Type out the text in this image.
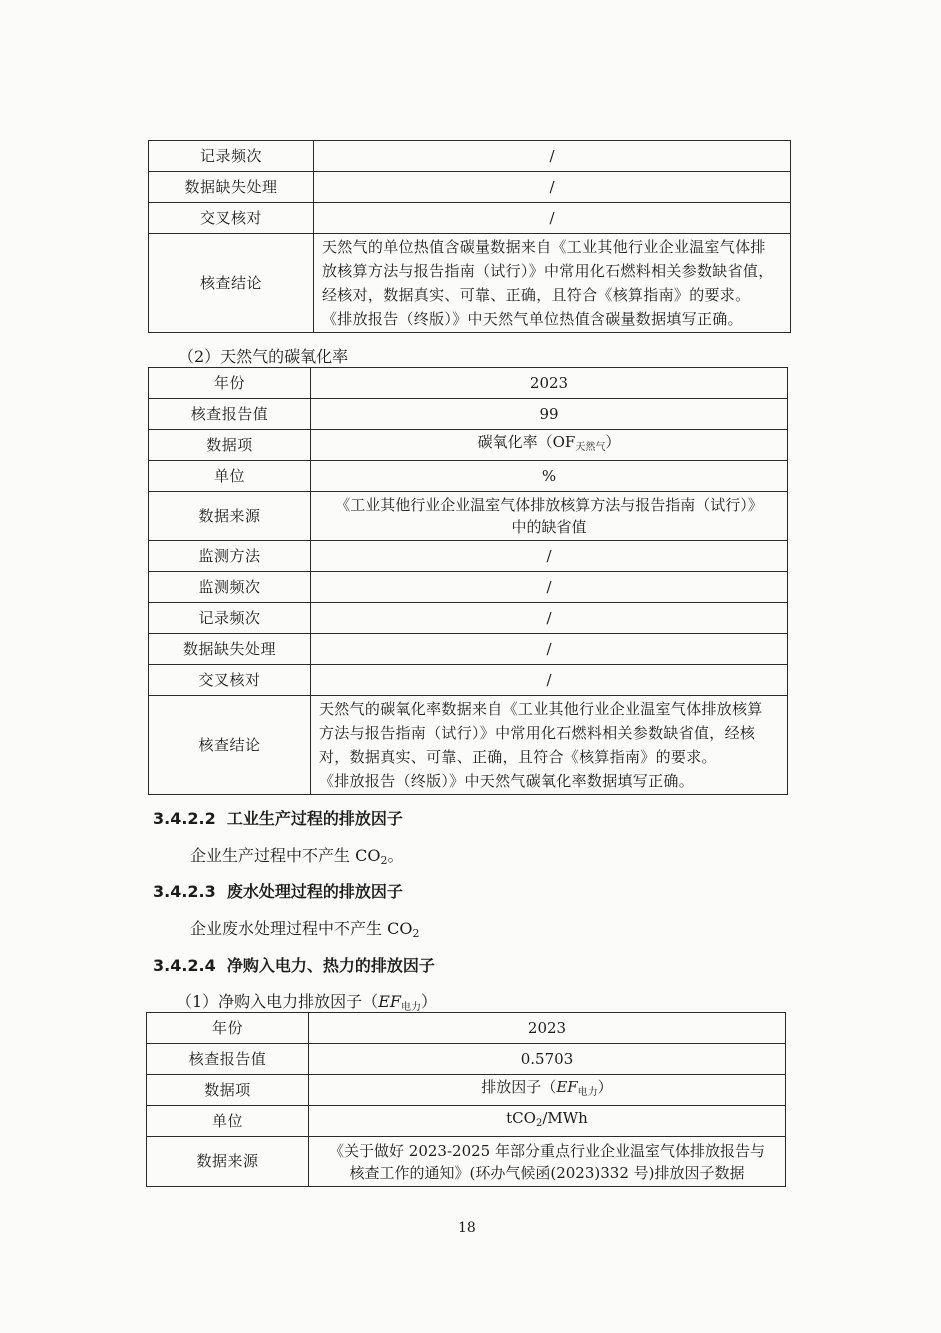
记录频次	/
数据缺失处理	/
交叉核对	/
核查结论	天然气的单位热值含碳量数据来自《工业其他行业企业温室气体排
放核算方法与报告指南（试行）》中常用化石燃料相关参数缺省值，
经核对，数据真实、可靠、正确，且符合《核算指南》的要求。
《排放报告（终版）》中天然气单位热值含碳量数据填写正确。
（2）天然气的碳氧化率
年份	2023
核查报告值	99
数据项	碳氧化率$(OF_{天然气})$
单位	%
数据来源	《工业其他行业企业温室气体排放核算方法与报告指南（试行）》
中的缺省值

监测方法	/
监测频次	/
记录频次	/
数据缺失处理	/
交叉核对	/
核查结论	天然气的碳氧化率数据来自《工业其他行业企业温室气体排放核算
方法与报告指南（试行）》中常用化石燃料相关参数缺省值，经核
对，数据真实、可靠、正确，且符合《核算指南》的要求。
《排放报告（终版）》中天然气碳氧化率数据填写正确。
3.4.2.2 工业生产过程的排放因子
企业生产过程中不产生 CO2。
3.4.2.3 废水处理过程的排放因子
企业废水处理过程中不产生 CO2
3.4.2.4 净购入电力、热力的排放因子
（1）净购入电力排放因子$(EF_{电力})$
年份	2023
核查报告值	0.5703
数据项	排放因子$(EF_{电力})$
单位	tCO$_2$/MWh
数据来源	《关于做好 2023-2025 年部分重点行业企业温室气体排放报告与
核查工作的通知》(环办气候函(2023)332 号)排放因子数据
18
